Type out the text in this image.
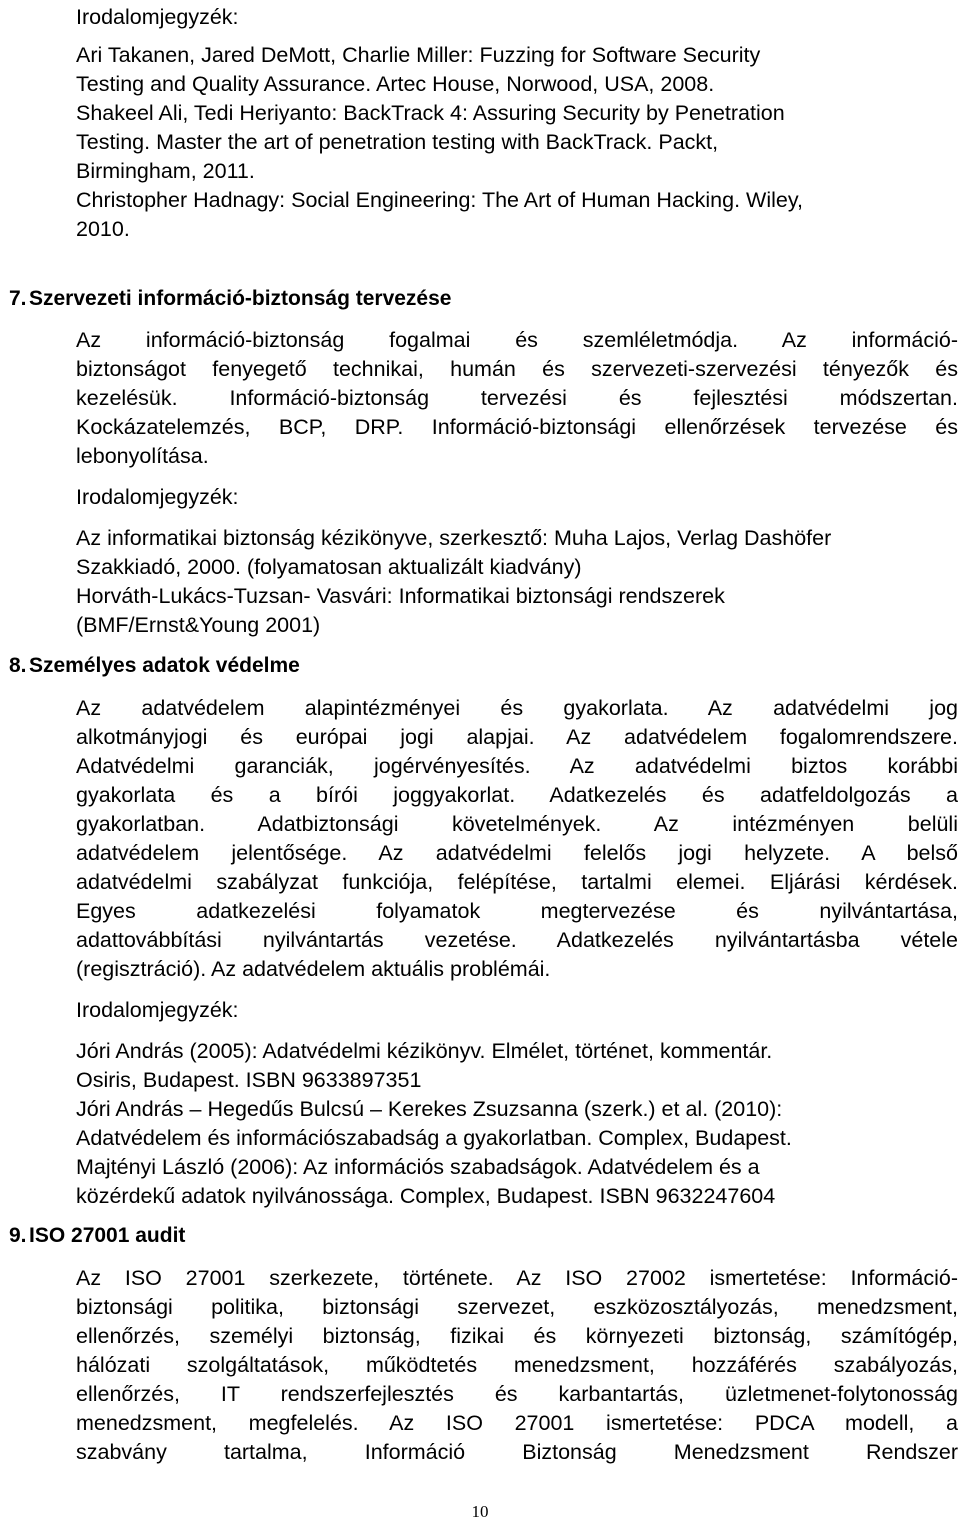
Irodalomjegyzék:
Ari Takanen, Jared DeMott, Charlie Miller: Fuzzing for Software Security
Testing and Quality Assurance. Artec House, Norwood, USA, 2008.
Shakeel Ali, Tedi Heriyanto: BackTrack 4: Assuring Security by Penetration
Testing. Master the art of penetration testing with BackTrack. Packt,
Birmingham, 2011.
Christopher Hadnagy: Social Engineering: The Art of Human Hacking. Wiley,
2010.
7. Szervezeti információ-biztonság tervezése
Az információ-biztonság fogalmai és szemléletmódja. Az információ-
biztonságot fenyegető technikai, humán és szervezeti-szervezési tényezők és
kezelésük. Információ-biztonság tervezési és fejlesztési módszertan.
Kockázatelemzés, BCP, DRP. Információ-biztonsági ellenőrzések tervezése és
lebonyolítása.
Irodalomjegyzék:
Az informatikai biztonság kézikönyve, szerkesztő: Muha Lajos, Verlag Dashöfer
Szakkiadó, 2000. (folyamatosan aktualizált kiadvány)
Horváth-Lukács-Tuzsan- Vasvári: Informatikai biztonsági rendszerek
(BMF/Ernst&Young 2001)
8. Személyes adatok védelme
Az adatvédelem alapintézményei és gyakorlata. Az adatvédelmi jog
alkotmányjogi és európai jogi alapjai. Az adatvédelem fogalomrendszere.
Adatvédelmi garanciák, jogérvényesítés. Az adatvédelmi biztos korábbi
gyakorlata és a bírói joggyakorlat. Adatkezelés és adatfeldolgozás a
gyakorlatban. Adatbiztonsági követelmények. Az intézményen belüli
adatvédelem jelentősége. Az adatvédelmi felelős jogi helyzete. A belső
adatvédelmi szabályzat funkciója, felépítése, tartalmi elemei. Eljárási kérdések.
Egyes adatkezelési folyamatok megtervezése és nyilvántartása,
adattovábbítási nyilvántartás vezetése. Adatkezelés nyilvántartásba vétele
(regisztráció). Az adatvédelem aktuális problémái.
Irodalomjegyzék:
Jóri András (2005): Adatvédelmi kézikönyv. Elmélet, történet, kommentár.
Osiris, Budapest. ISBN 9633897351
Jóri András – Hegedűs Bulcsú – Kerekes Zsuzsanna (szerk.) et al. (2010):
Adatvédelem és információszabadság a gyakorlatban. Complex, Budapest.
Majtényi László (2006): Az információs szabadságok. Adatvédelem és a
közérdekű adatok nyilvánossága. Complex, Budapest. ISBN 9632247604
9. ISO 27001 audit
Az ISO 27001 szerkezete, története. Az ISO 27002 ismertetése: Információ-
biztonsági politika, biztonsági szervezet, eszközosztályozás, menedzsment,
ellenőrzés, személyi biztonság, fizikai és környezeti biztonság, számítógép,
hálózati szolgáltatások, működtetés menedzsment, hozzáférés szabályozás,
ellenőrzés, IT rendszerfejlesztés és karbantartás, üzletmenet-folytonosság
menedzsment, megfelelés. Az ISO 27001 ismertetése: PDCA modell, a
szabvány tartalma, Információ Biztonság Menedzsment Rendszer
10
